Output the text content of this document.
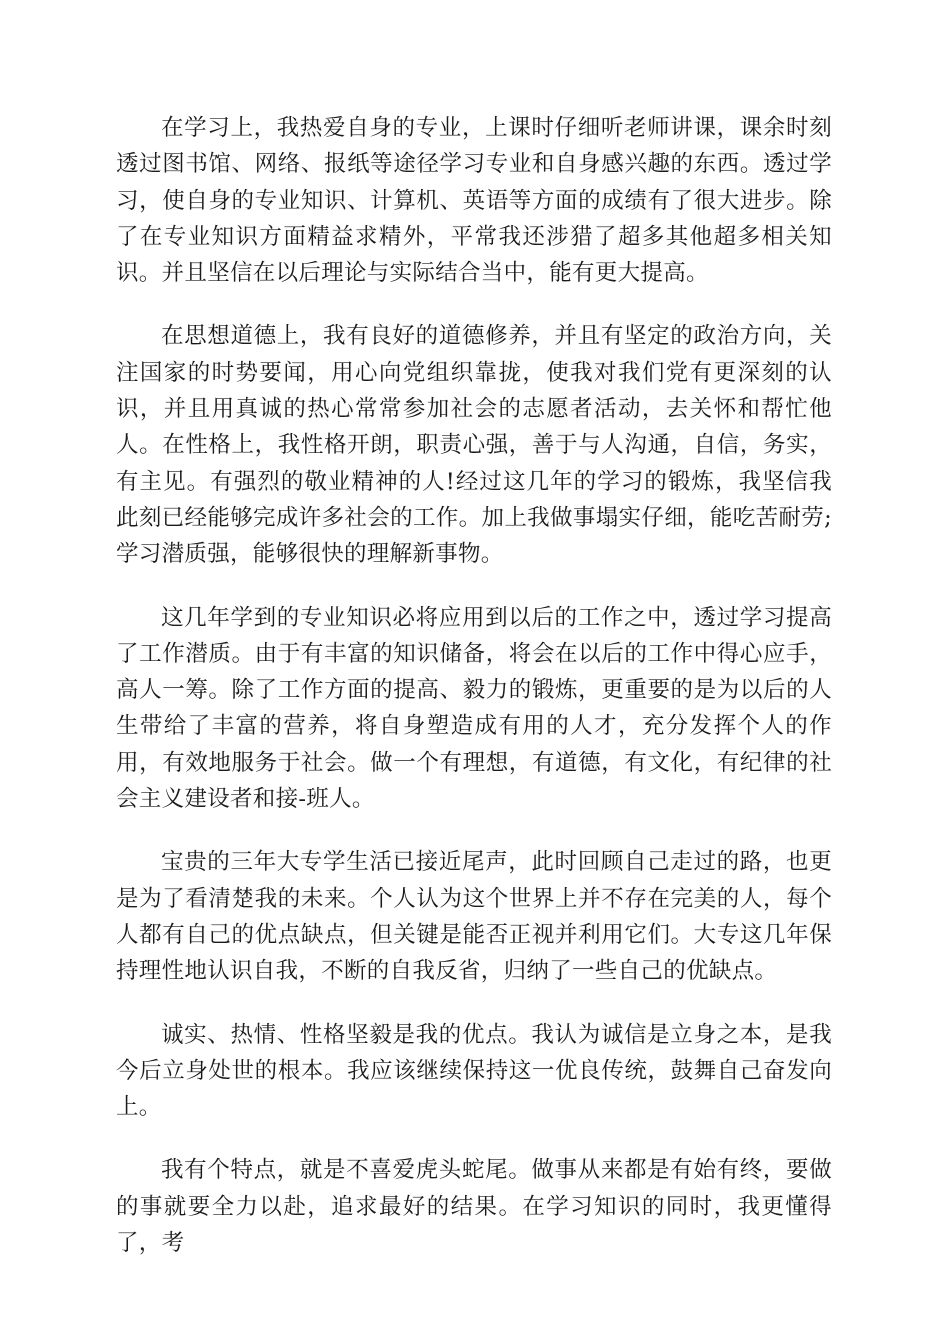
在学习上，我热爱自身的专业，上课时仔细听老师讲课，课余时刻透过图书馆、网络、报纸等途径学习专业和自身感兴趣的东西。透过学习，使自身的专业知识、计算机、英语等方面的成绩有了很大进步。除了在专业知识方面精益求精外，平常我还涉猎了超多其他超多相关知识。并且坚信在以后理论与实际结合当中，能有更大提高。

在思想道德上，我有良好的道德修养，并且有坚定的政治方向，关注国家的时势要闻，用心向党组织靠拢，使我对我们党有更深刻的认识，并且用真诚的热心常常参加社会的志愿者活动，去关怀和帮忙他人。在性格上，我性格开朗，职责心强，善于与人沟通，自信，务实，有主见。有强烈的敬业精神的人!经过这几年的学习的锻炼，我坚信我此刻已经能够完成许多社会的工作。加上我做事塌实仔细，能吃苦耐劳;学习潜质强，能够很快的理解新事物。

这几年学到的专业知识必将应用到以后的工作之中，透过学习提高了工作潜质。由于有丰富的知识储备，将会在以后的工作中得心应手，高人一筹。除了工作方面的提高、毅力的锻炼，更重要的是为以后的人生带给了丰富的营养，将自身塑造成有用的人才，充分发挥个人的作用，有效地服务于社会。做一个有理想，有道德，有文化，有纪律的社会主义建设者和接-班人。

宝贵的三年大专学生活已接近尾声，此时回顾自己走过的路，也更是为了看清楚我的未来。个人认为这个世界上并不存在完美的人，每个人都有自己的优点缺点，但关键是能否正视并利用它们。大专这几年保持理性地认识自我，不断的自我反省，归纳了一些自己的优缺点。

诚实、热情、性格坚毅是我的优点。我认为诚信是立身之本，是我今后立身处世的根本。我应该继续保持这一优良传统，鼓舞自己奋发向上。

我有个特点，就是不喜爱虎头蛇尾。做事从来都是有始有终，要做的事就要全力以赴，追求最好的结果。在学习知识的同时，我更懂得了，考
